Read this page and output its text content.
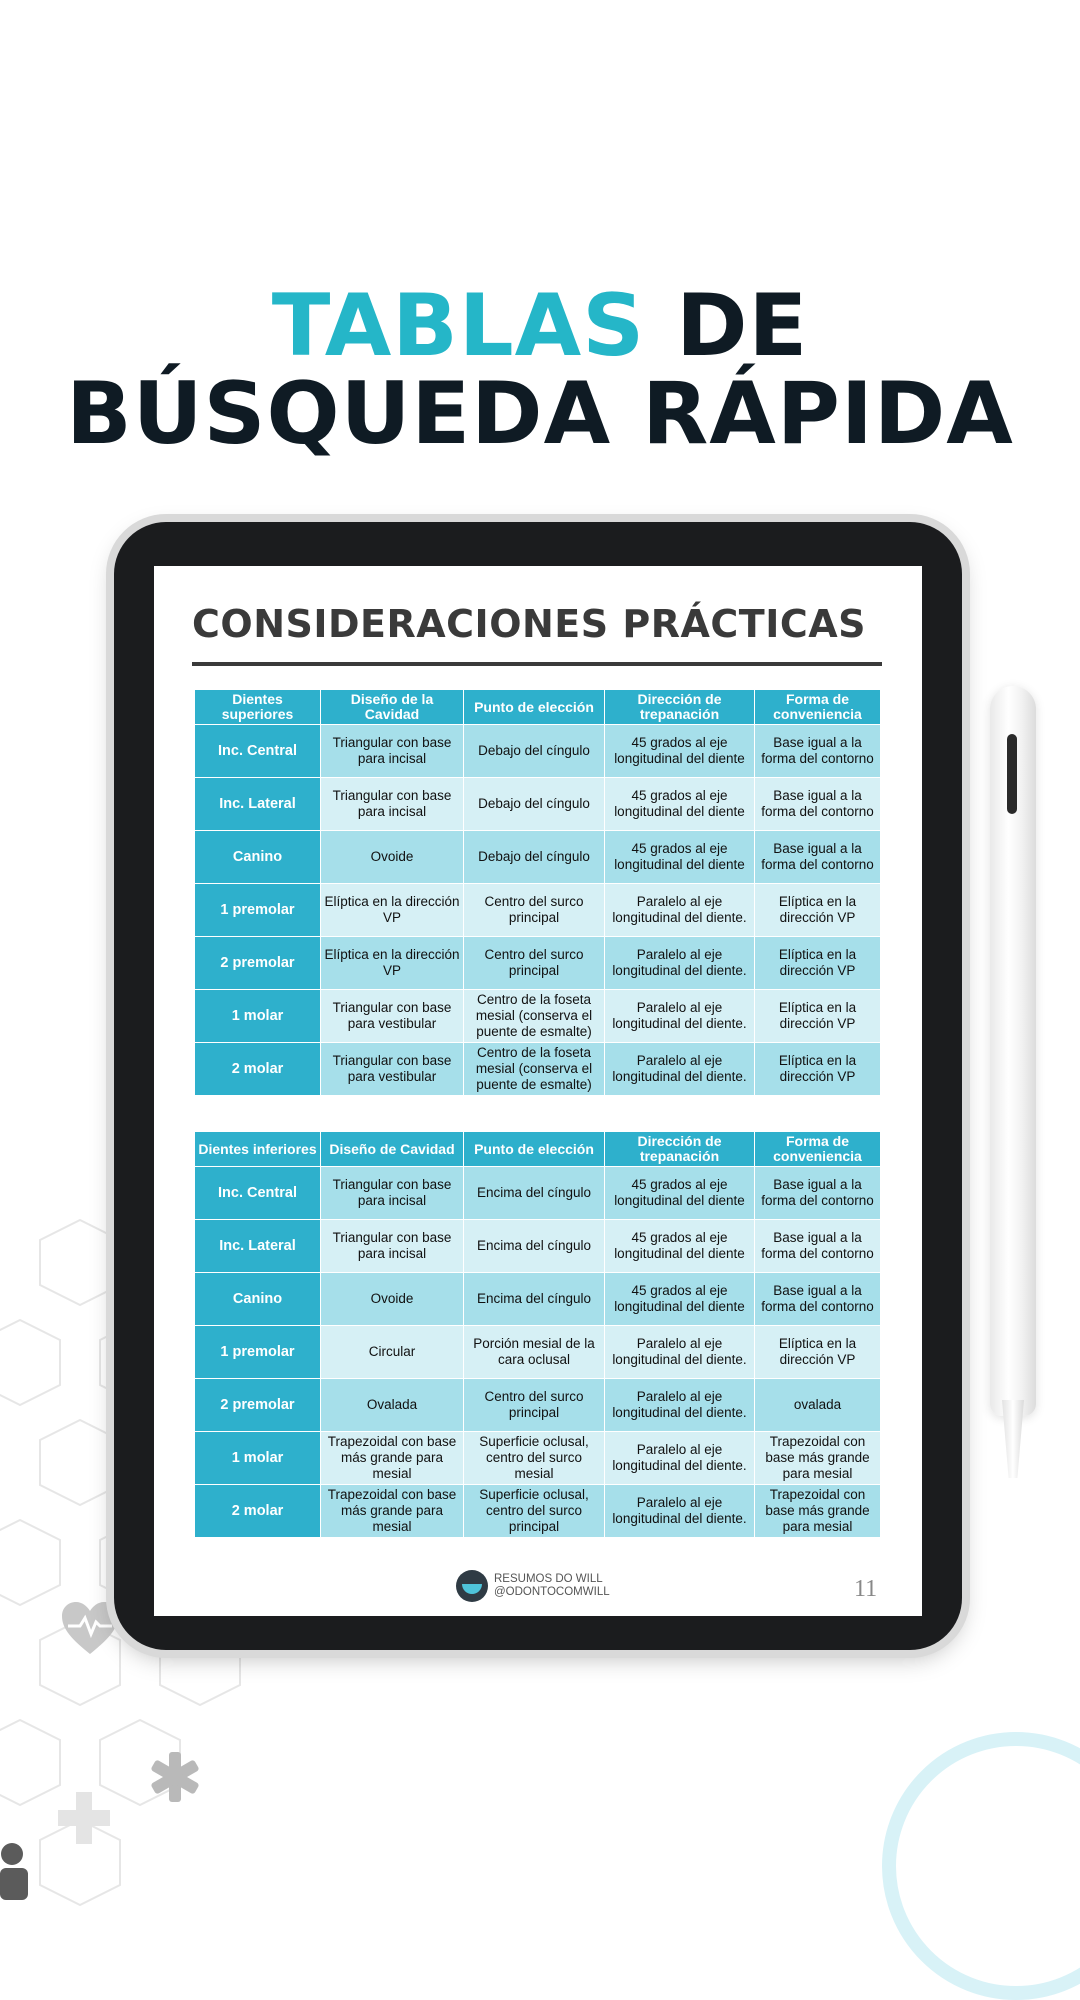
TABLAS DE
BÚSQUEDA RÁPIDA
CONSIDERACIONES PRÁCTICAS
Dientes superiores	Diseño de la Cavidad	Punto de elección	Dirección de trepanación	Forma de conveniencia
Inc. Central	Triangular con base para incisal	Debajo del cíngulo	45 grados al eje longitudinal del diente	Base igual a la forma del contorno
Inc. Lateral	Triangular con base para incisal	Debajo del cíngulo	45 grados al eje longitudinal del diente	Base igual a la forma del contorno
Canino	Ovoide	Debajo del cíngulo	45 grados al eje longitudinal del diente	Base igual a la forma del contorno
1 premolar	Elíptica en la dirección VP	Centro del surco principal	Paralelo al eje longitudinal del diente.	Elíptica en la dirección VP
2 premolar	Elíptica en la dirección VP	Centro del surco principal	Paralelo al eje longitudinal del diente.	Elíptica en la dirección VP
1 molar	Triangular con base para vestibular	Centro de la foseta mesial (conserva el puente de esmalte)	Paralelo al eje longitudinal del diente.	Elíptica en la dirección VP
2 molar	Triangular con base para vestibular	Centro de la foseta mesial (conserva el puente de esmalte)	Paralelo al eje longitudinal del diente.	Elíptica en la dirección VP
Dientes inferiores	Diseño de Cavidad	Punto de elección	Dirección de trepanación	Forma de conveniencia
Inc. Central	Triangular con base para incisal	Encima del cíngulo	45 grados al eje longitudinal del diente	Base igual a la forma del contorno
Inc. Lateral	Triangular con base para incisal	Encima del cíngulo	45 grados al eje longitudinal del diente	Base igual a la forma del contorno
Canino	Ovoide	Encima del cíngulo	45 grados al eje longitudinal del diente	Base igual a la forma del contorno
1 premolar	Circular	Porción mesial de la cara oclusal	Paralelo al eje longitudinal del diente.	Elíptica en la dirección VP
2 premolar	Ovalada	Centro del surco principal	Paralelo al eje longitudinal del diente.	ovalada
1 molar	Trapezoidal con base más grande para mesial	Superficie oclusal, centro del surco mesial	Paralelo al eje longitudinal del diente.	Trapezoidal con base más grande para mesial
2 molar	Trapezoidal con base más grande para mesial	Superficie oclusal, centro del surco principal	Paralelo al eje longitudinal del diente.	Trapezoidal con base más grande para mesial
RESUMOS DO WILL
@ODONTOCOMWILL	11
